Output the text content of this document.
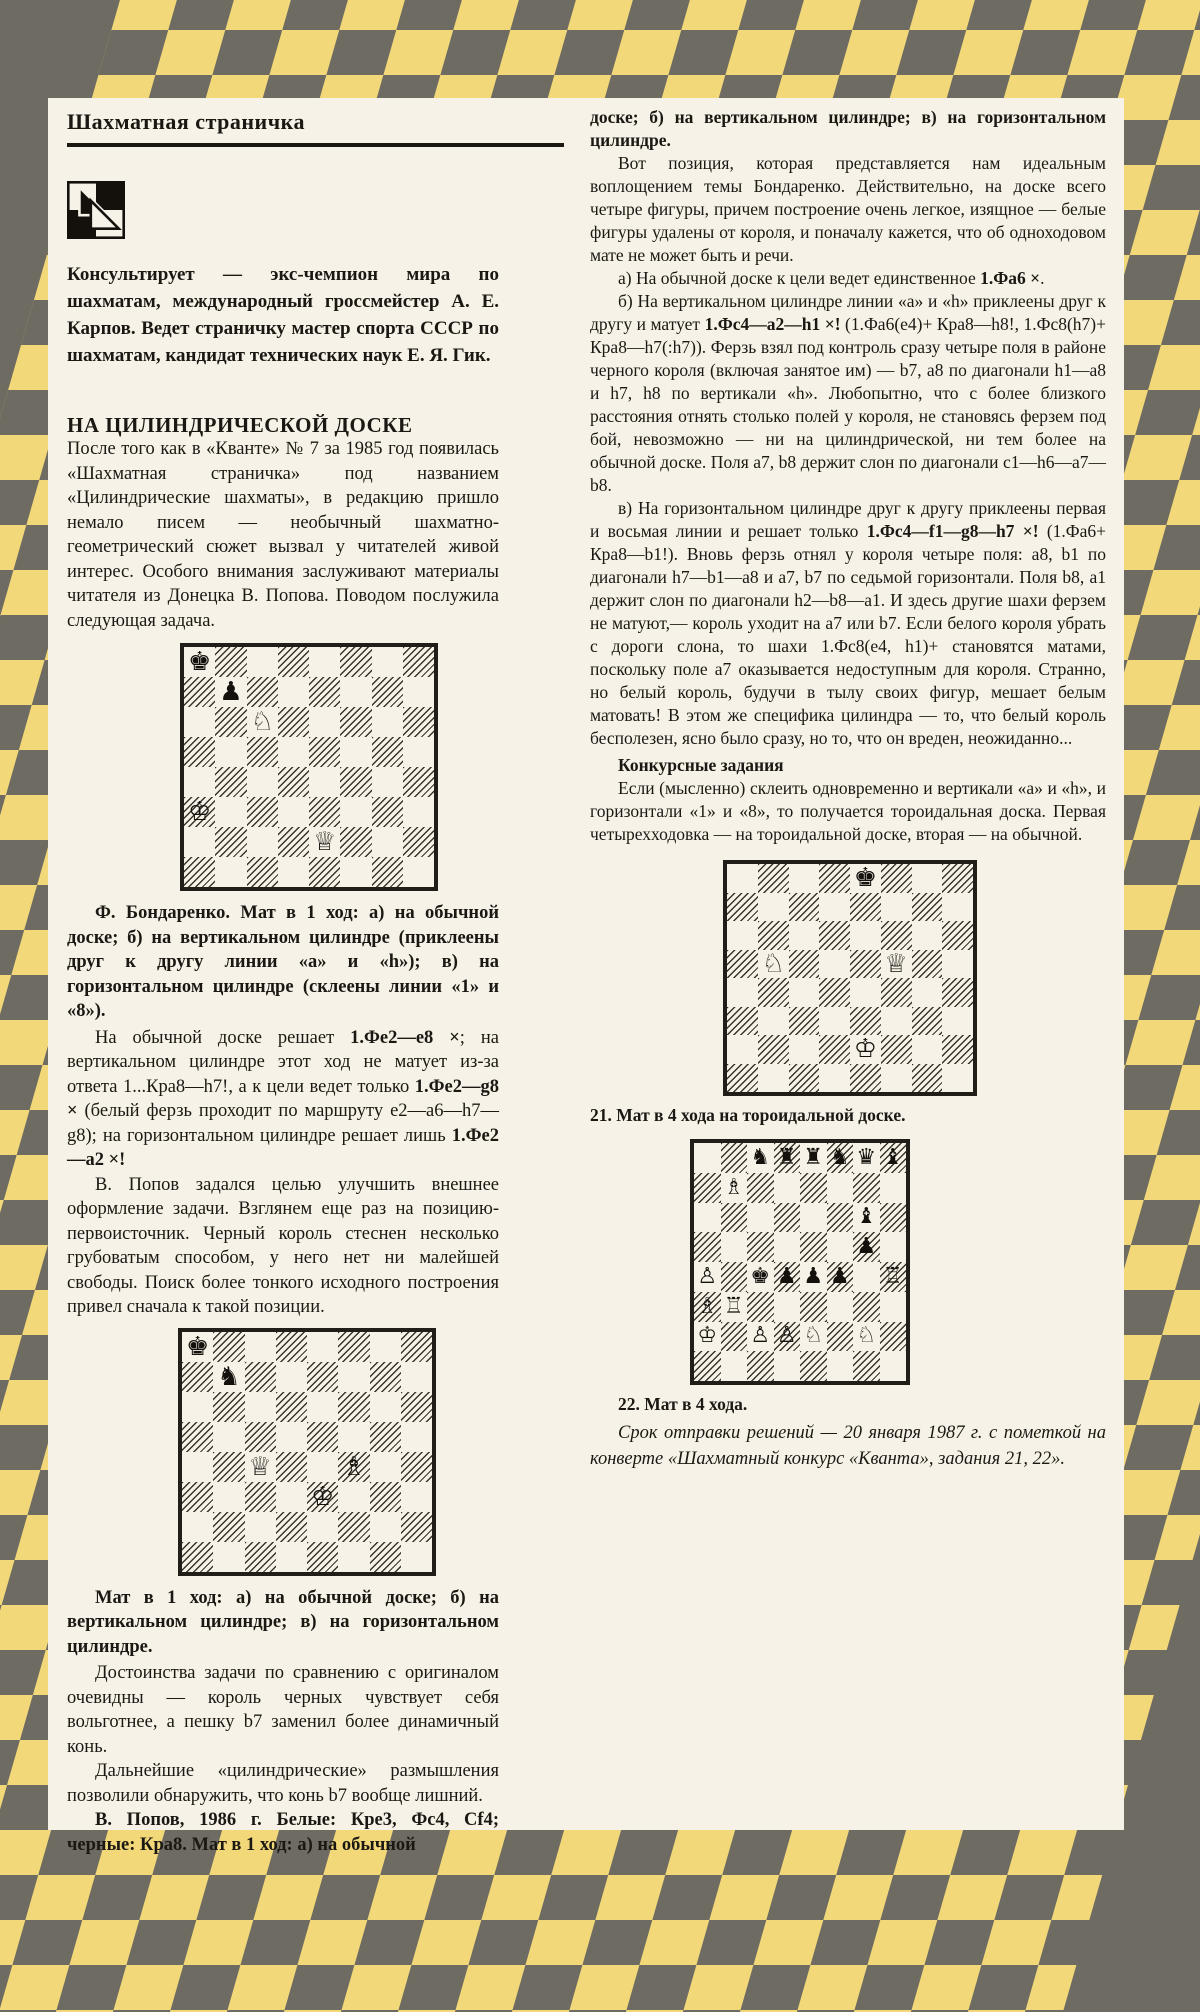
Шахматная страничка

Консультирует — экс-чемпион мира по шахматам, международный гроссмейстер А. Е. Карпов. Ведет страничку мастер спорта СССР по шахматам, кандидат технических наук Е. Я. Гик.

НА ЦИЛИНДРИЧЕСКОЙ ДОСКЕ

После того как в «Кванте» № 7 за 1985 год появилась «Шахматная страничка» под названием «Цилиндрические шахматы», в редакцию пришло немало писем — необычный шахматно-геометрический сюжет вызвал у читателей живой интерес. Особого внимания заслуживают материалы читателя из Донецка В. Попова. Поводом послужила следующая задача.

♚
♟
♘
♔
♕

Ф. Бондаренко. Мат в 1 ход: а) на обычной доске; б) на вертикальном цилиндре (приклеены друг к другу линии «а» и «h»); в) на горизонтальном цилиндре (склеены линии «1» и «8»).

На обычной доске решает 1.Фе2—е8 ×; на вертикальном цилиндре этот ход не матует из-за ответа 1...Кра8—h7!, а к цели ведет только 1.Фе2—g8 × (белый ферзь проходит по маршруту е2—а6—h7—g8); на горизонтальном цилиндре решает лишь 1.Фе2—а2 ×!

В. Попов задался целью улучшить внешнее оформление задачи. Взглянем еще раз на позицию-первоисточник. Черный король стеснен несколько грубоватым способом, у него нет ни малейшей свободы. Поиск более тонкого исходного построения привел сначала к такой позиции.

♚
♞
♕	♗
♔

Мат в 1 ход: а) на обычной доске; б) на вертикальном цилиндре; в) на горизонтальном цилиндре.

Достоинства задачи по сравнению с оригиналом очевидны — король черных чувствует себя вольготнее, а пешку b7 заменил более динамичный конь.

Дальнейшие «цилиндрические» размышления позволили обнаружить, что конь b7 вообще лишний.

В. Попов, 1986 г. Белые: Кре3, Фс4, Cf4; черные: Кра8. Мат в 1 ход: а) на обычной

доске; б) на вертикальном цилиндре; в) на горизонтальном цилиндре.

Вот позиция, которая представляется нам идеальным воплощением темы Бондаренко. Действительно, на доске всего четыре фигуры, причем построение очень легкое, изящное — белые фигуры удалены от короля, и поначалу кажется, что об одноходовом мате не может быть и речи.

а) На обычной доске к цели ведет единственное 1.Фа6 ×.

б) На вертикальном цилиндре линии «а» и «h» приклеены друг к другу и матует 1.Фс4—а2—h1 ×! (1.Фа6(е4)+ Кра8—h8!, 1.Фс8(h7)+ Кра8—h7(:h7)). Ферзь взял под контроль сразу четыре поля в районе черного короля (включая занятое им) — b7, а8 по диагонали h1—а8 и h7, h8 по вертикали «h». Любопытно, что с более близкого расстояния отнять столько полей у короля, не становясь ферзем под бой, невозможно — ни на цилиндрической, ни тем более на обычной доске. Поля а7, b8 держит слон по диагонали с1—h6—а7—b8.

в) На горизонтальном цилиндре друг к другу приклеены первая и восьмая линии и решает только 1.Фс4—f1—g8—h7 ×! (1.Фа6+ Кра8—b1!). Вновь ферзь отнял у короля четыре поля: а8, b1 по диагонали h7—b1—а8 и а7, b7 по седьмой горизонтали. Поля b8, а1 держит слон по диагонали h2—b8—а1. И здесь другие шахи ферзем не матуют,— король уходит на а7 или b7. Если белого короля убрать с дороги слона, то шахи 1.Фс8(е4, h1)+ становятся матами, поскольку поле а7 оказывается недоступным для короля. Странно, но белый король, будучи в тылу своих фигур, мешает белым матовать! В этом же специфика цилиндра — то, что белый король бесполезен, ясно было сразу, но то, что он вреден, неожиданно...

Конкурсные задания

Если (мысленно) склеить одновременно и вертикали «а» и «h», и горизонтали «1» и «8», то получается тороидальная доска. Первая четырехходовка — на тороидальной доске, вторая — на обычной.

♚
♘	♕
♔

21. Мат в 4 хода на тороидальной доске.

♞ ♜ ♜ ♞ ♛ ♝
♗
♝
♟
♙ ♚ ♟ ♟ ♟ ♖
♗ ♖
♔ ♙ ♙ ♘ ♘

22. Мат в 4 хода.

Срок отправки решений — 20 января 1987 г. с пометкой на конверте «Шахматный конкурс «Кванта», задания 21, 22».
